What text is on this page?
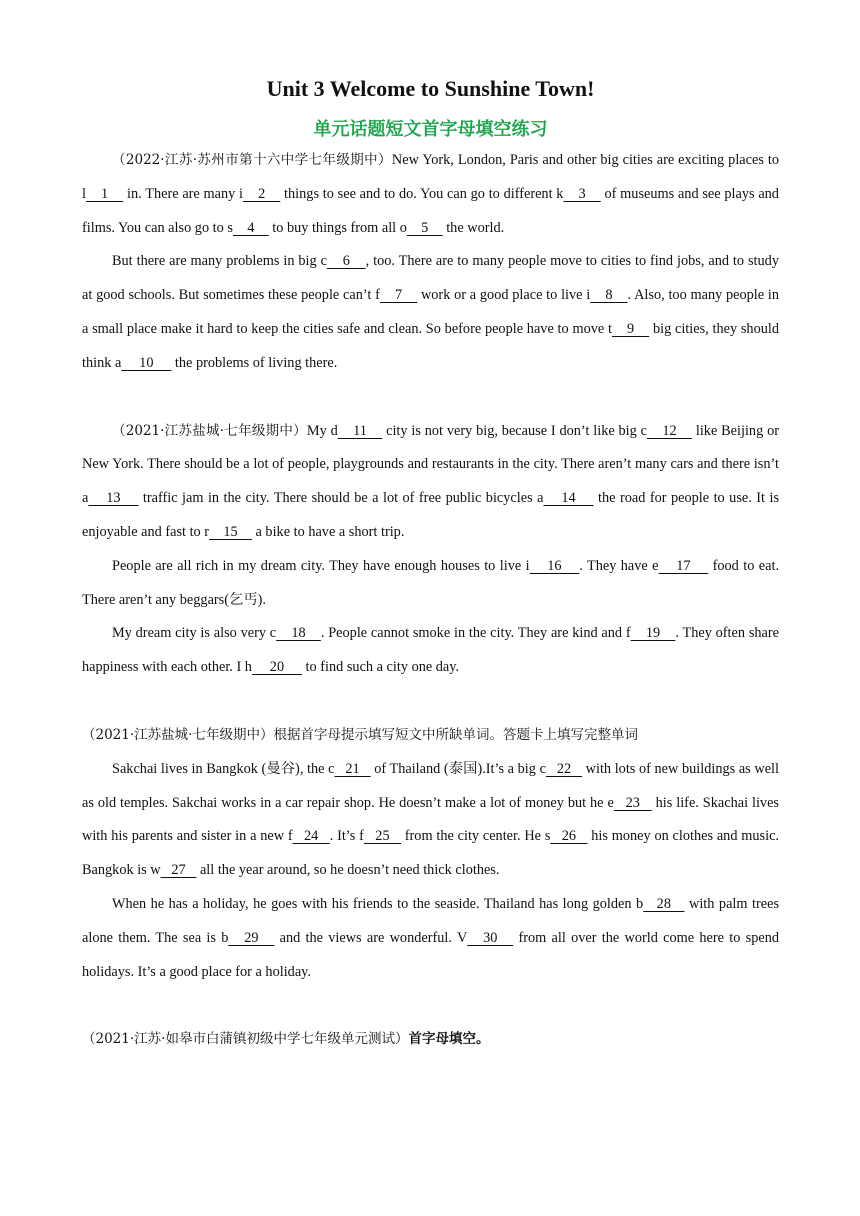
Unit 3 Welcome to Sunshine Town!
单元话题短文首字母填空练习

（2022·江苏·苏州市第十六中学七年级期中）New York, London, Paris and other big cities are exciting places to l    1     in. There are many i    2     things to see and to do. You can go to different k    3     of museums and see plays and films. You can also go to s    4     to buy things from all o    5     the world.

But there are many problems in big c    6    , too. There are to many people move to cities to find jobs, and to study at good schools. But sometimes these people can’t f    7     work or a good place to live i    8    . Also, too many people in a small place make it hard to keep the cities safe and clean. So before people have to move t    9     big cities, they should think a     10      the problems of living there.

（2021·江苏盐城·七年级期中）My d    11     city is not very big, because I don’t like big c    12     like Beijing or New York. There should be a lot of people, playgrounds and restaurants in the city. There aren’t many cars and there isn’t a    13     traffic jam in the city. There should be a lot of free public bicycles a    14     the road for people to use. It is enjoyable and fast to r    15     a bike to have a short trip.

People are all rich in my dream city. They have enough houses to live i    16    . They have e    17     food to eat. There aren’t any beggars(乞丐).

My dream city is also very c    18    . People cannot smoke in the city. They are kind and f    19    . They often share happiness with each other. I h     20      to find such a city one day.

（2021·江苏盐城·七年级期中）根据首字母提示填写短文中所缺单词。答题卡上填写完整单词

Sakchai lives in Bangkok (曼谷), the c   21    of Thailand (泰国).It’s a big c   22    with lots of new buildings as well as old temples. Sakchai works in a car repair shop. He doesn’t make a lot of money but he e   23    his life. Skachai lives with his parents and sister in a new f   24   . It’s f   25    from the city center. He s   26    his money on clothes and music. Bangkok is w   27    all the year around, so he doesn’t need thick clothes.

When he has a holiday, he goes with his friends to the seaside. Thailand has long golden b   28    with palm trees alone them. The sea is b   29    and the views are wonderful. V   30    from all over the world come here to spend holidays. It’s a good place for a holiday.

（2021·江苏·如皋市白蒲镇初级中学七年级单元测试）首字母填空。
